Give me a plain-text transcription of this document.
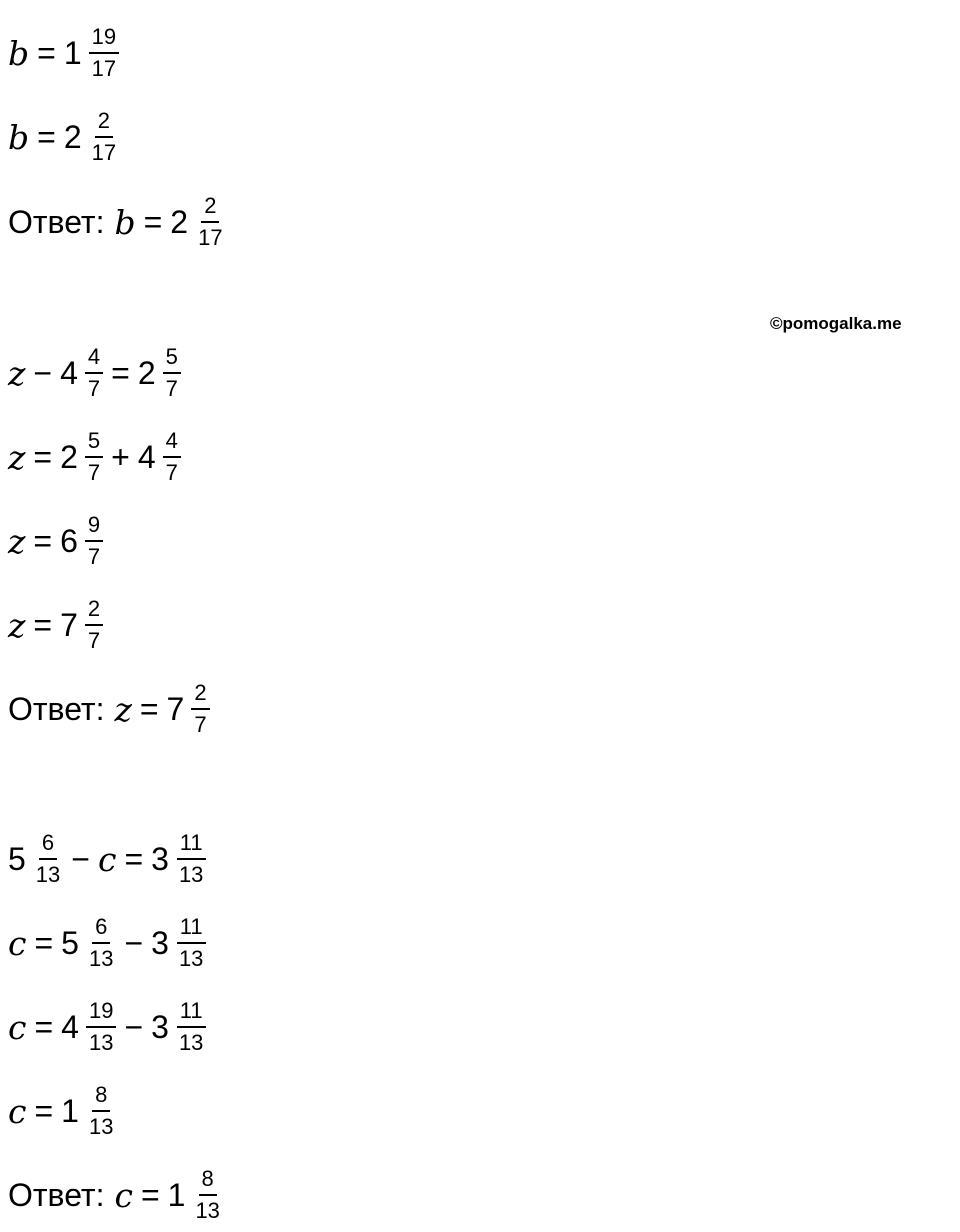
©pomogalka.me
$b = 1 \frac{19}{17}$
$b = 2 \frac{2}{17}$
Ответ: $b = 2 \frac{2}{17}$
$z - 4 \frac{4}{7} = 2 \frac{5}{7}$
$z = 2 \frac{5}{7} + 4 \frac{4}{7}$
$z = 6 \frac{9}{7}$
$z = 7 \frac{2}{7}$
Ответ: $z = 7 \frac{2}{7}$
$5 \frac{6}{13} - c = 3 \frac{11}{13}$
$c = 5 \frac{6}{13} - 3 \frac{11}{13}$
$c = 4 \frac{19}{13} - 3 \frac{11}{13}$
$c = 1 \frac{8}{13}$
Ответ: $c = 1 \frac{8}{13}$
